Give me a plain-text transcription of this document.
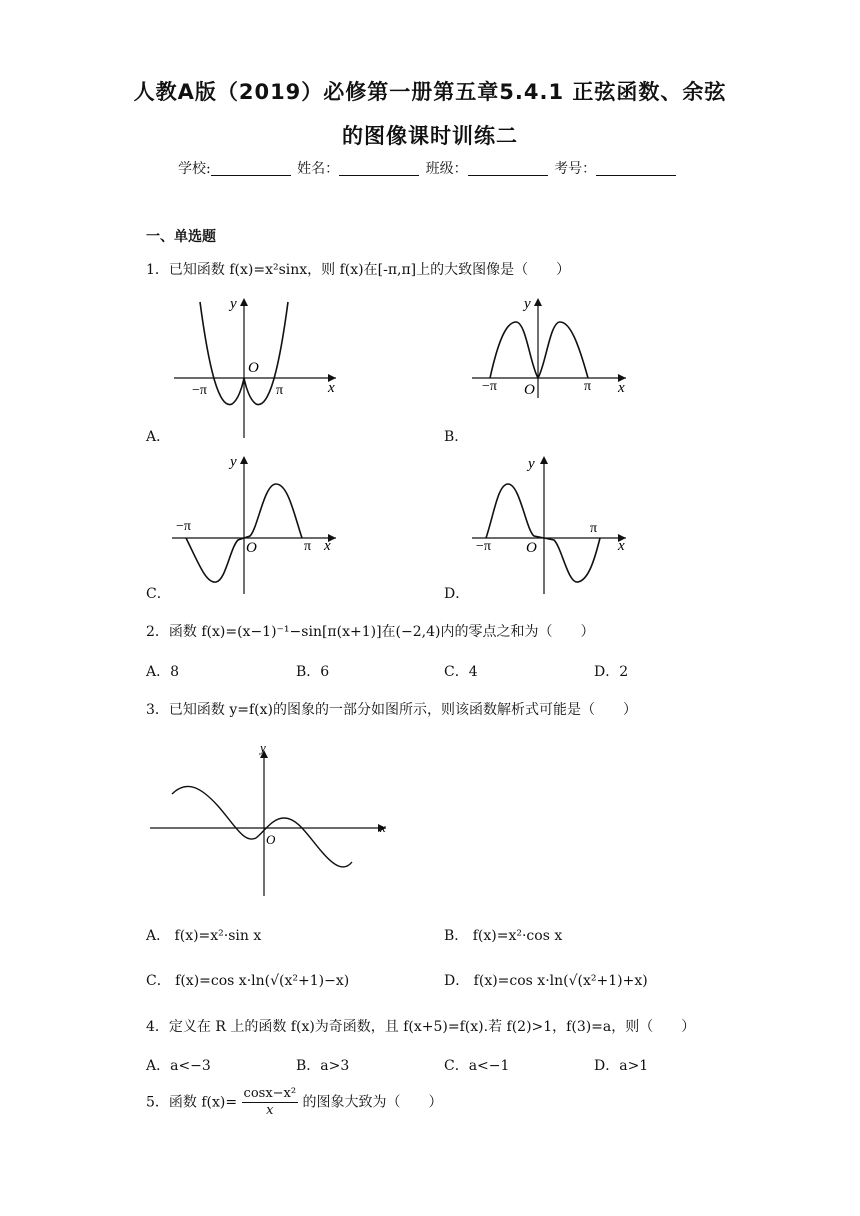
人教A版（2019）必修第一册第五章5.4.1 正弦函数、余弦
的图像课时训练二
学校:	姓名：	班级：	考号：
一、单选题
1．已知函数 f(x)=x²sinx，则 f(x)在[-π,π]上的大致图像是（　　）
y
x
O
−π	π
A．
y
x
O
−π	π
B．
y
x
O
−π
π
C．
y
x
O
−π
π
D．
2．函数 f(x)=(x−1)⁻¹−sin[π(x+1)]在(−2,4)内的零点之和为（　　）
A．8	B．6	C．4	D．2
3．已知函数 y=f(x)的图象的一部分如图所示，则该函数解析式可能是（　　）
y
x
O
A． f(x)=x²·sin x	B． f(x)=x²·cos x
C． f(x)=cos x·ln(√(x²+1)−x)	D． f(x)=cos x·ln(√(x²+1)+x)
4．定义在 R 上的函数 f(x)为奇函数，且 f(x+5)=f(x).若 f(2)>1，f(3)=a，则（　　）
A．a<−3	B．a>3	C．a<−1	D．a>1
5．函数 $f(x)= \frac{\text{cosx−x²}}{x}$ 的图象大致为（　　）
